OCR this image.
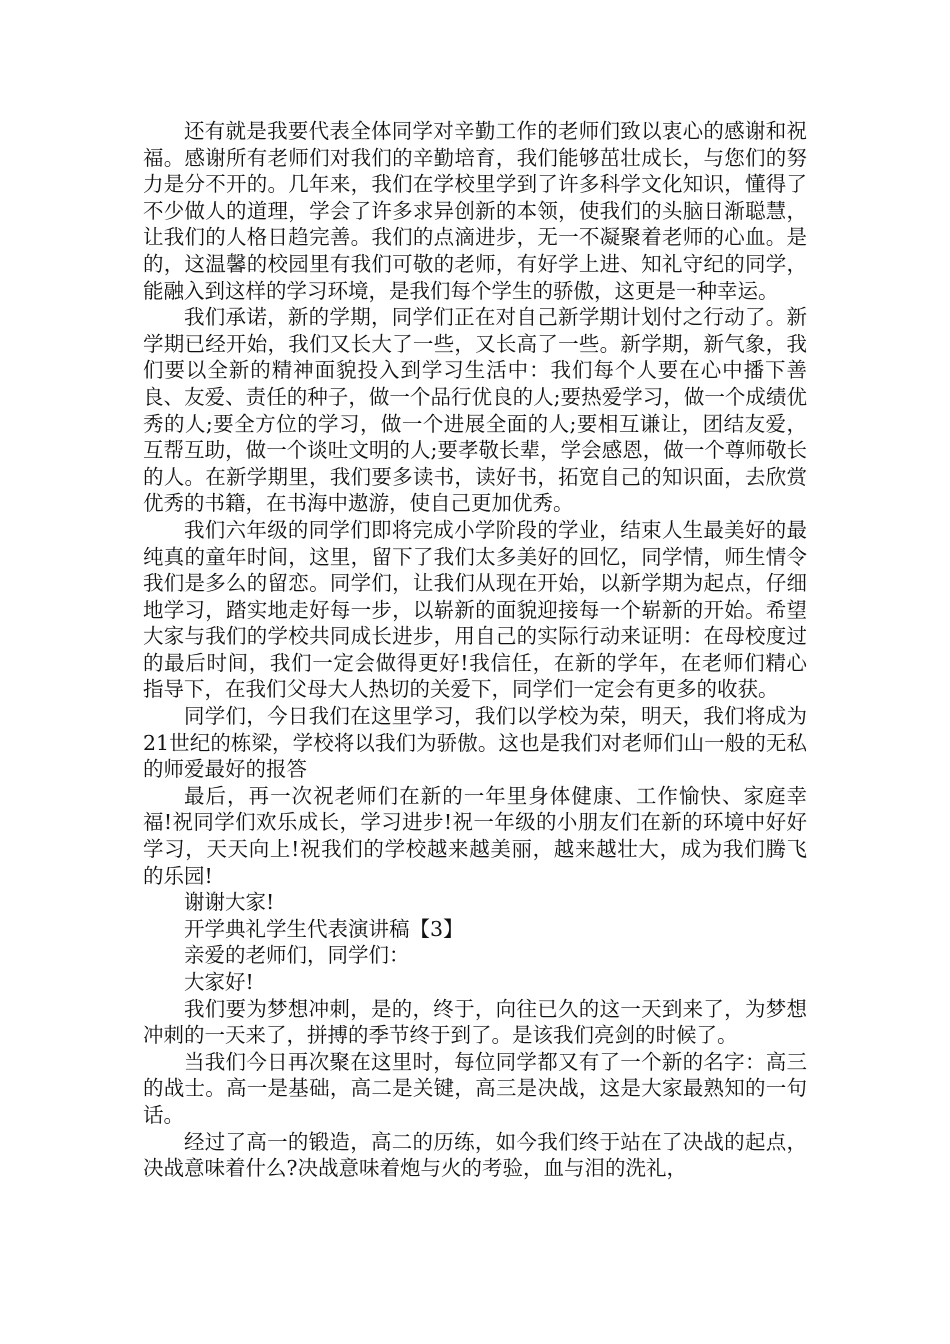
还有就是我要代表全体同学对辛勤工作的老师们致以衷心的感谢和祝福。感谢所有老师们对我们的辛勤培育，我们能够茁壮成长，与您们的努力是分不开的。几年来，我们在学校里学到了许多科学文化知识，懂得了不少做人的道理，学会了许多求异创新的本领，使我们的头脑日渐聪慧，让我们的人格日趋完善。我们的点滴进步，无一不凝聚着老师的心血。是的，这温馨的校园里有我们可敬的老师，有好学上进、知礼守纪的同学，能融入到这样的学习环境，是我们每个学生的骄傲，这更是一种幸运。

我们承诺，新的学期，同学们正在对自己新学期计划付之行动了。新学期已经开始，我们又长大了一些，又长高了一些。新学期，新气象，我们要以全新的精神面貌投入到学习生活中：我们每个人要在心中播下善良、友爱、责任的种子，做一个品行优良的人;要热爱学习，做一个成绩优秀的人;要全方位的学习，做一个进展全面的人;要相互谦让，团结友爱，互帮互助，做一个谈吐文明的人;要孝敬长辈，学会感恩，做一个尊师敬长的人。在新学期里，我们要多读书，读好书，拓宽自己的知识面，去欣赏优秀的书籍，在书海中遨游，使自己更加优秀。

我们六年级的同学们即将完成小学阶段的学业，结束人生最美好的最纯真的童年时间，这里，留下了我们太多美好的回忆，同学情，师生情令我们是多么的留恋。同学们，让我们从现在开始，以新学期为起点，仔细地学习，踏实地走好每一步，以崭新的面貌迎接每一个崭新的开始。希望大家与我们的学校共同成长进步，用自己的实际行动来证明：在母校度过的最后时间，我们一定会做得更好!我信任，在新的学年，在老师们精心指导下，在我们父母大人热切的关爱下，同学们一定会有更多的收获。

同学们，今日我们在这里学习，我们以学校为荣，明天，我们将成为21世纪的栋梁，学校将以我们为骄傲。这也是我们对老师们山一般的无私的师爱最好的报答

最后，再一次祝老师们在新的一年里身体健康、工作愉快、家庭幸福!祝同学们欢乐成长，学习进步!祝一年级的小朋友们在新的环境中好好学习，天天向上!祝我们的学校越来越美丽，越来越壮大，成为我们腾飞的乐园!

谢谢大家!

开学典礼学生代表演讲稿【3】

亲爱的老师们，同学们：

大家好!

我们要为梦想冲刺，是的，终于，向往已久的这一天到来了，为梦想冲刺的一天来了，拼搏的季节终于到了。是该我们亮剑的时候了。

当我们今日再次聚在这里时，每位同学都又有了一个新的名字：高三的战士。高一是基础，高二是关键，高三是决战，这是大家最熟知的一句话。

经过了高一的锻造，高二的历练，如今我们终于站在了决战的起点，决战意味着什么?决战意味着炮与火的考验，血与泪的洗礼，
